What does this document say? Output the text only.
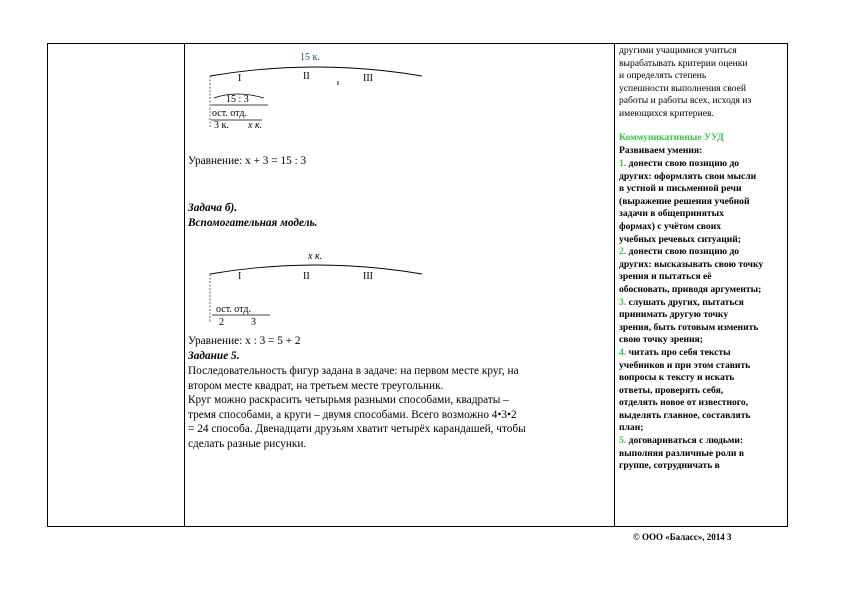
15 к.
I	II	III
15 : 3
ост. отд.
3 к. x к.
Уравнение: x + 3 = 15 : 3
Задача б).
Вспомогательная модель.
x к.
I	II	III
ост. отд.
2	3
Уравнение: x : 3 = 5 + 2
Задание 5.
Последовательность фигур задана в задаче: на первом месте круг, на
втором месте квадрат, на третьем месте треугольник.
Круг можно раскрасить четырьмя разными способами, квадраты –
тремя способами, а круги – двумя способами. Всего возможно 4•3•2
= 24 способа. Двенадцати друзьям хватит четырёх карандашей, чтобы
сделать разные рисунки.

другими учащимися учиться

вырабатывать критерии оценки

и определять степень

успешности выполнения своей

работы и работы всех, исходя из

имеющихся критериев.

Коммуникативные УУД

Развиваем умения:

1. донести свою позицию до

других: оформлять свои мысли

в устной и письменной речи

(выражение решения учебной

задачи в общепринятых

формах) с учётом своих

учебных речевых ситуаций;

2. донести свою позицию до

других: высказывать свою точку

зрения и пытаться её

обосновать, приводя аргументы;

3. слушать других, пытаться

принимать другую точку

зрения, быть готовым изменить

свою точку зрения;

4. читать про себя тексты

учебников и при этом ставить

вопросы к тексту и искать

ответы, проверять себя,

отделять новое от известного,

выделять главное, составлять

план;

5. договариваться с людьми:

выполняя различные роли в

группе, сотрудничать в

© ООО «Баласс», 2014 3
